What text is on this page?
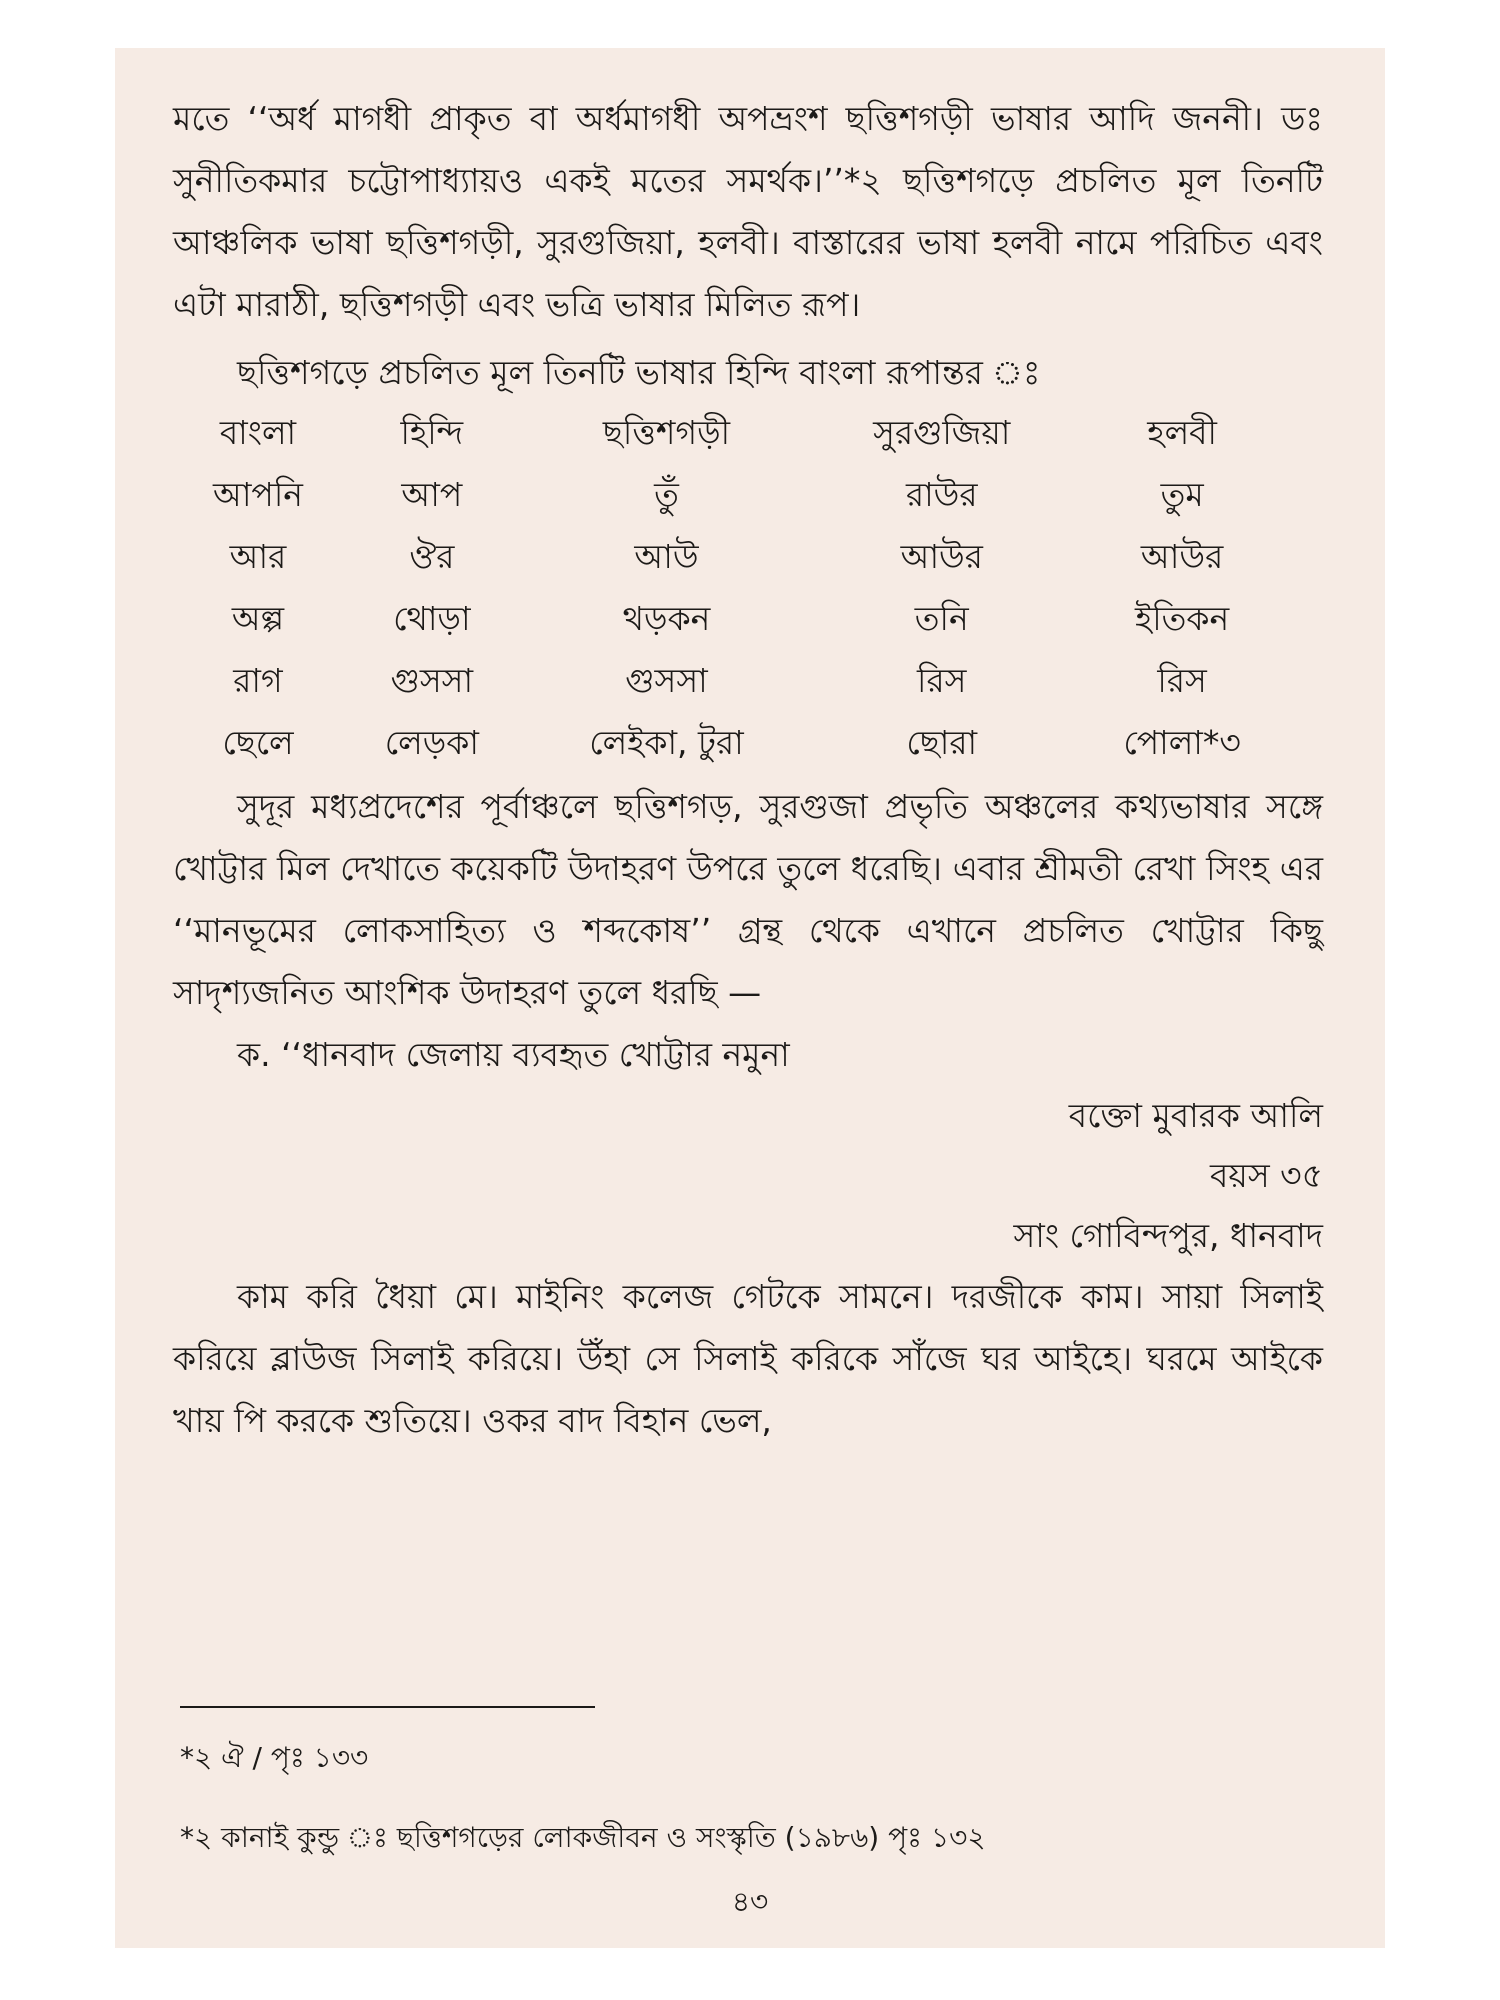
মতে ‘‘অর্ধ মাগধী প্রাকৃত বা অর্ধমাগধী অপভ্রংশ ছত্তিশগড়ী ভাষার আদি জননী। ডঃ সুনীতিকমার চট্টোপাধ্যায়ও একই মতের সমর্থক।’’*২ ছত্তিশগড়ে প্রচলিত মূল তিনটি আঞ্চলিক ভাষা ছত্তিশগড়ী, সুরগুজিয়া, হলবী। বাস্তারের ভাষা হলবী নামে পরিচিত এবং এটা মারাঠী, ছত্তিশগড়ী এবং ভত্রি ভাষার মিলিত রূপ।

ছত্তিশগড়ে প্রচলিত মূল তিনটি ভাষার হিন্দি বাংলা রূপান্তর ঃ

বাংলা	হিন্দি	ছত্তিশগড়ী	সুরগুজিয়া	হলবী
আপনি	আপ	তুঁ	রাউর	তুম
আর	ঔর	আউ	আউর	আউর
অল্প	থোড়া	থড়কন	তনি	ইতিকন
রাগ	গুসসা	গুসসা	রিস	রিস
ছেলে	লেড়কা	লেইকা, টুরা	ছোরা	পোলা*৩

সুদূর মধ্যপ্রদেশের পূর্বাঞ্চলে ছত্তিশগড়, সুরগুজা প্রভৃতি অঞ্চলের কথ্যভাষার সঙ্গে খোট্টার মিল দেখাতে কয়েকটি উদাহরণ উপরে তুলে ধরেছি। এবার শ্রীমতী রেখা সিংহ এর ‘‘মানভূমের লোকসাহিত্য ও শব্দকোষ’’ গ্রন্থ থেকে এখানে প্রচলিত খোট্টার কিছু সাদৃশ্যজনিত আংশিক উদাহরণ তুলে ধরছি —

ক. ‘‘ধানবাদ জেলায় ব্যবহৃত খোট্টার নমুনা

বক্তো মুবারক আলি

বয়স ৩৫

সাং গোবিন্দপুর, ধানবাদ

কাম করি ধৈয়া মে। মাইনিং কলেজ গেটকে সামনে। দরজীকে কাম। সায়া সিলাই করিয়ে ব্লাউজ সিলাই করিয়ে। উঁহা সে সিলাই করিকে সাঁজে ঘর আইহে। ঘরমে আইকে খায় পি করকে শুতিয়ে। ওকর বাদ বিহান ভেল,

*২ ঐ / পৃঃ ১৩৩
*২ কানাই কুন্ডু ঃ ছত্তিশগড়ের লোকজীবন ও সংস্কৃতি (১৯৮৬) পৃঃ ১৩২
৪৩
